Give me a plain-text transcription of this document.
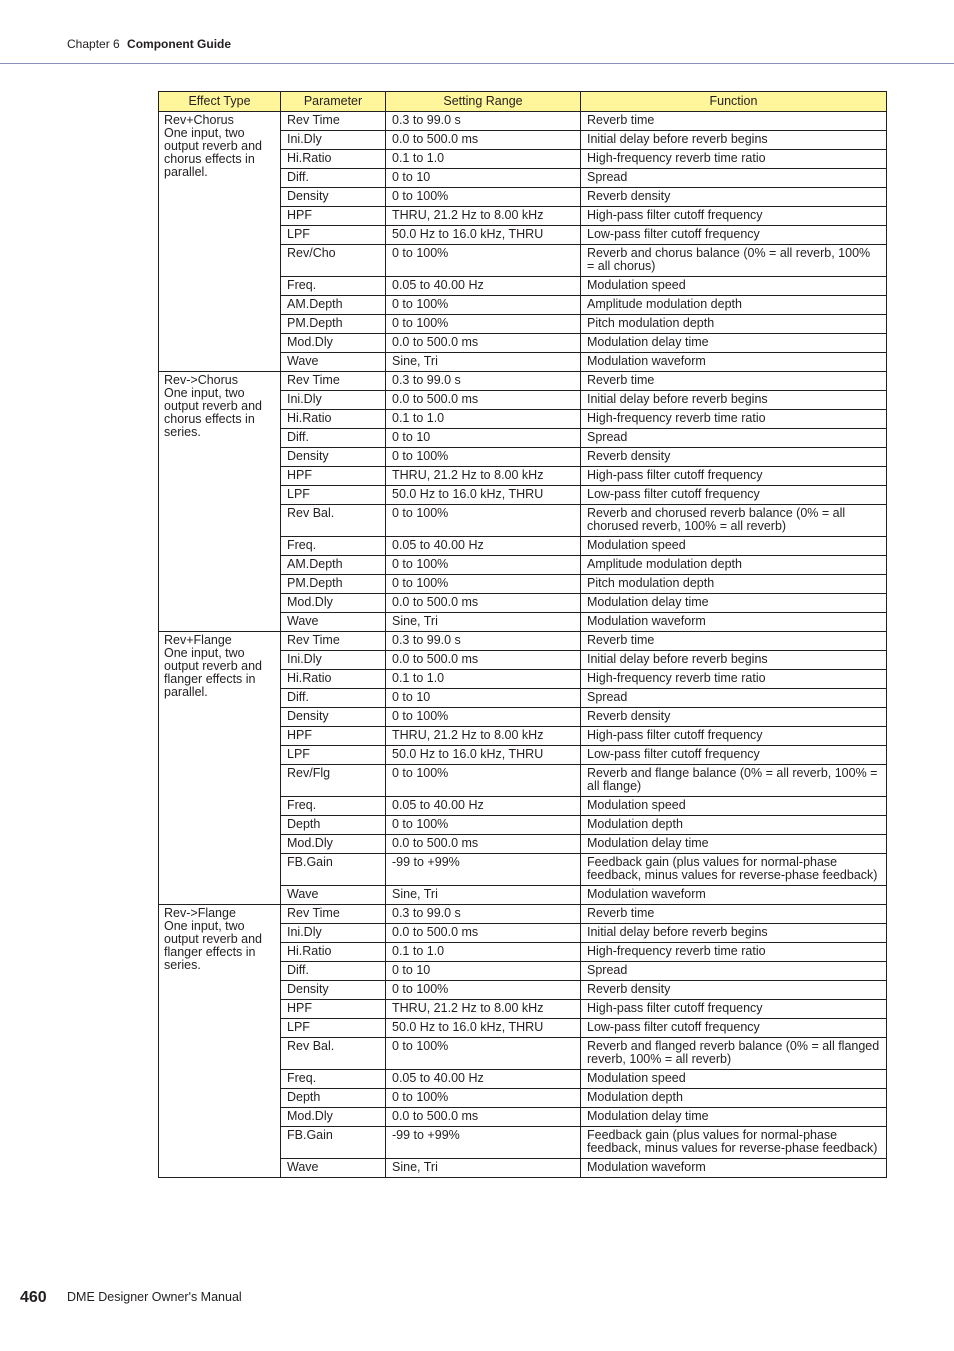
Chapter 6 Component Guide
Effect Type	Parameter	Setting Range	Function

Rev+Chorus
One input, two output reverb and chorus effects in parallel.	Rev Time	0.3 to 99.0 s	Reverb time
	Ini.Dly	0.0 to 500.0 ms	Initial delay before reverb begins
	Hi.Ratio	0.1 to 1.0	High-frequency reverb time ratio
	Diff.	0 to 10	Spread
	Density	0 to 100%	Reverb density
	HPF	THRU, 21.2 Hz to 8.00 kHz	High-pass filter cutoff frequency
	LPF	50.0 Hz to 16.0 kHz, THRU	Low-pass filter cutoff frequency
	Rev/Cho	0 to 100%	Reverb and chorus balance (0% = all reverb, 100% = all chorus)
	Freq.	0.05 to 40.00 Hz	Modulation speed
	AM.Depth	0 to 100%	Amplitude modulation depth
	PM.Depth	0 to 100%	Pitch modulation depth
	Mod.Dly	0.0 to 500.0 ms	Modulation delay time
	Wave	Sine, Tri	Modulation waveform

Rev->Chorus
One input, two output reverb and chorus effects in series.	Rev Time	0.3 to 99.0 s	Reverb time
	Ini.Dly	0.0 to 500.0 ms	Initial delay before reverb begins
	Hi.Ratio	0.1 to 1.0	High-frequency reverb time ratio
	Diff.	0 to 10	Spread
	Density	0 to 100%	Reverb density
	HPF	THRU, 21.2 Hz to 8.00 kHz	High-pass filter cutoff frequency
	LPF	50.0 Hz to 16.0 kHz, THRU	Low-pass filter cutoff frequency
	Rev Bal.	0 to 100%	Reverb and chorused reverb balance (0% = all chorused reverb, 100% = all reverb)
	Freq.	0.05 to 40.00 Hz	Modulation speed
	AM.Depth	0 to 100%	Amplitude modulation depth
	PM.Depth	0 to 100%	Pitch modulation depth
	Mod.Dly	0.0 to 500.0 ms	Modulation delay time
	Wave	Sine, Tri	Modulation waveform

Rev+Flange
One input, two output reverb and flanger effects in parallel.	Rev Time	0.3 to 99.0 s	Reverb time
	Ini.Dly	0.0 to 500.0 ms	Initial delay before reverb begins
	Hi.Ratio	0.1 to 1.0	High-frequency reverb time ratio
	Diff.	0 to 10	Spread
	Density	0 to 100%	Reverb density
	HPF	THRU, 21.2 Hz to 8.00 kHz	High-pass filter cutoff frequency
	LPF	50.0 Hz to 16.0 kHz, THRU	Low-pass filter cutoff frequency
	Rev/Flg	0 to 100%	Reverb and flange balance (0% = all reverb, 100% = all flange)
	Freq.	0.05 to 40.00 Hz	Modulation speed
	Depth	0 to 100%	Modulation depth
	Mod.Dly	0.0 to 500.0 ms	Modulation delay time
	FB.Gain	-99 to +99%	Feedback gain (plus values for normal-phase feedback, minus values for reverse-phase feedback)
	Wave	Sine, Tri	Modulation waveform

Rev->Flange
One input, two output reverb and flanger effects in series.	Rev Time	0.3 to 99.0 s	Reverb time
	Ini.Dly	0.0 to 500.0 ms	Initial delay before reverb begins
	Hi.Ratio	0.1 to 1.0	High-frequency reverb time ratio
	Diff.	0 to 10	Spread
	Density	0 to 100%	Reverb density
	HPF	THRU, 21.2 Hz to 8.00 kHz	High-pass filter cutoff frequency
	LPF	50.0 Hz to 16.0 kHz, THRU	Low-pass filter cutoff frequency
	Rev Bal.	0 to 100%	Reverb and flanged reverb balance (0% = all flanged reverb, 100% = all reverb)
	Freq.	0.05 to 40.00 Hz	Modulation speed
	Depth	0 to 100%	Modulation depth
	Mod.Dly	0.0 to 500.0 ms	Modulation delay time
	FB.Gain	-99 to +99%	Feedback gain (plus values for normal-phase feedback, minus values for reverse-phase feedback)
	Wave	Sine, Tri	Modulation waveform
460 DME Designer Owner's Manual
